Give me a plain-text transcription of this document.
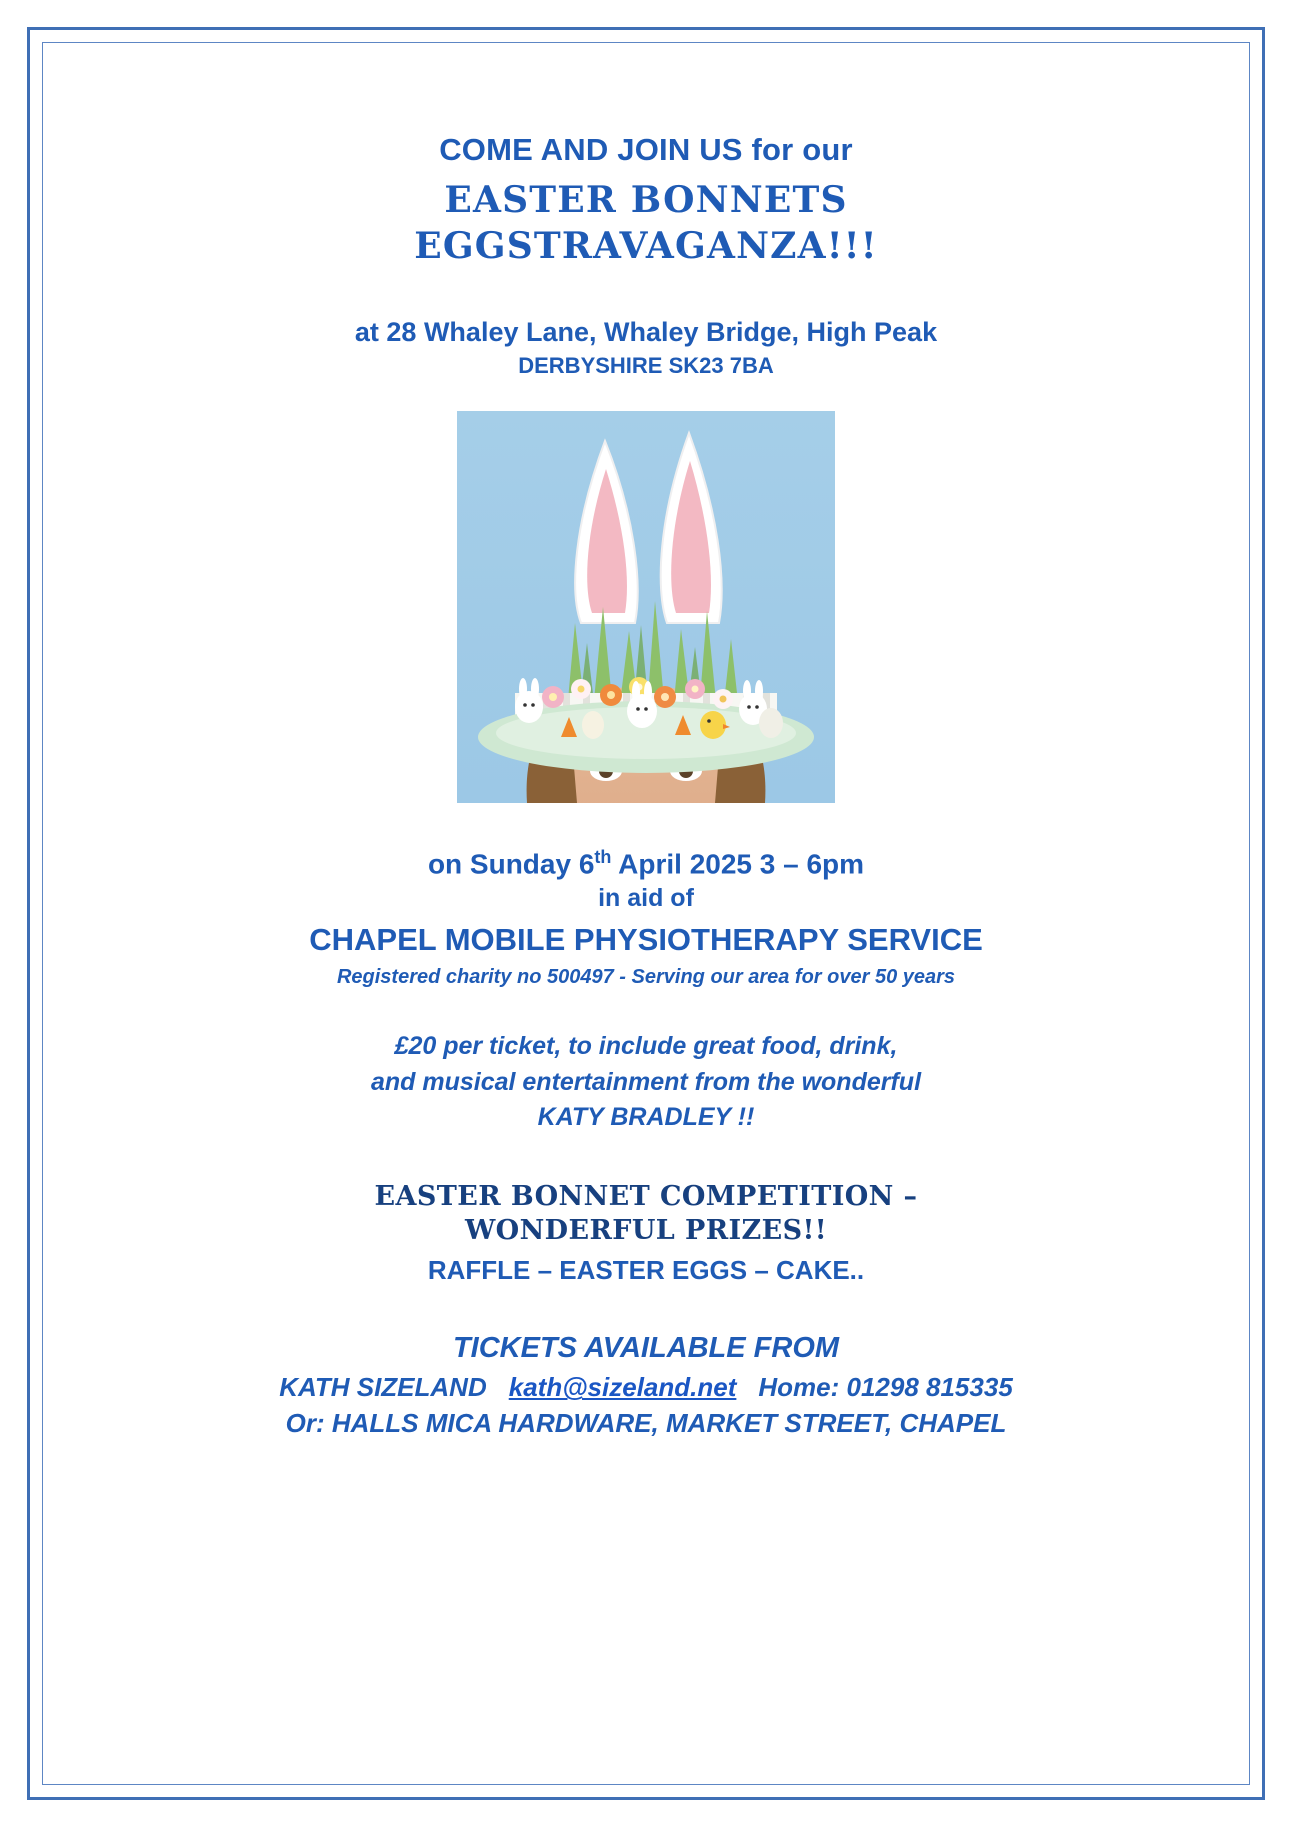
COME AND JOIN US for our
EASTER BONNETS
EGGSTRAVAGANZA!!!
at 28 Whaley Lane, Whaley Bridge, High Peak
DERBYSHIRE SK23 7BA
on Sunday 6th April 2025 3 – 6pm
in aid of
CHAPEL MOBILE PHYSIOTHERAPY SERVICE
Registered charity no 500497 - Serving our area for over 50 years
£20 per ticket, to include great food, drink,
and musical entertainment from the wonderful
KATY BRADLEY !!
EASTER BONNET COMPETITION –
WONDERFUL PRIZES!!
RAFFLE – EASTER EGGS – CAKE..
TICKETS AVAILABLE FROM
KATH SIZELAND kath@sizeland.net Home: 01298 815335
Or: HALLS MICA HARDWARE, MARKET STREET, CHAPEL
